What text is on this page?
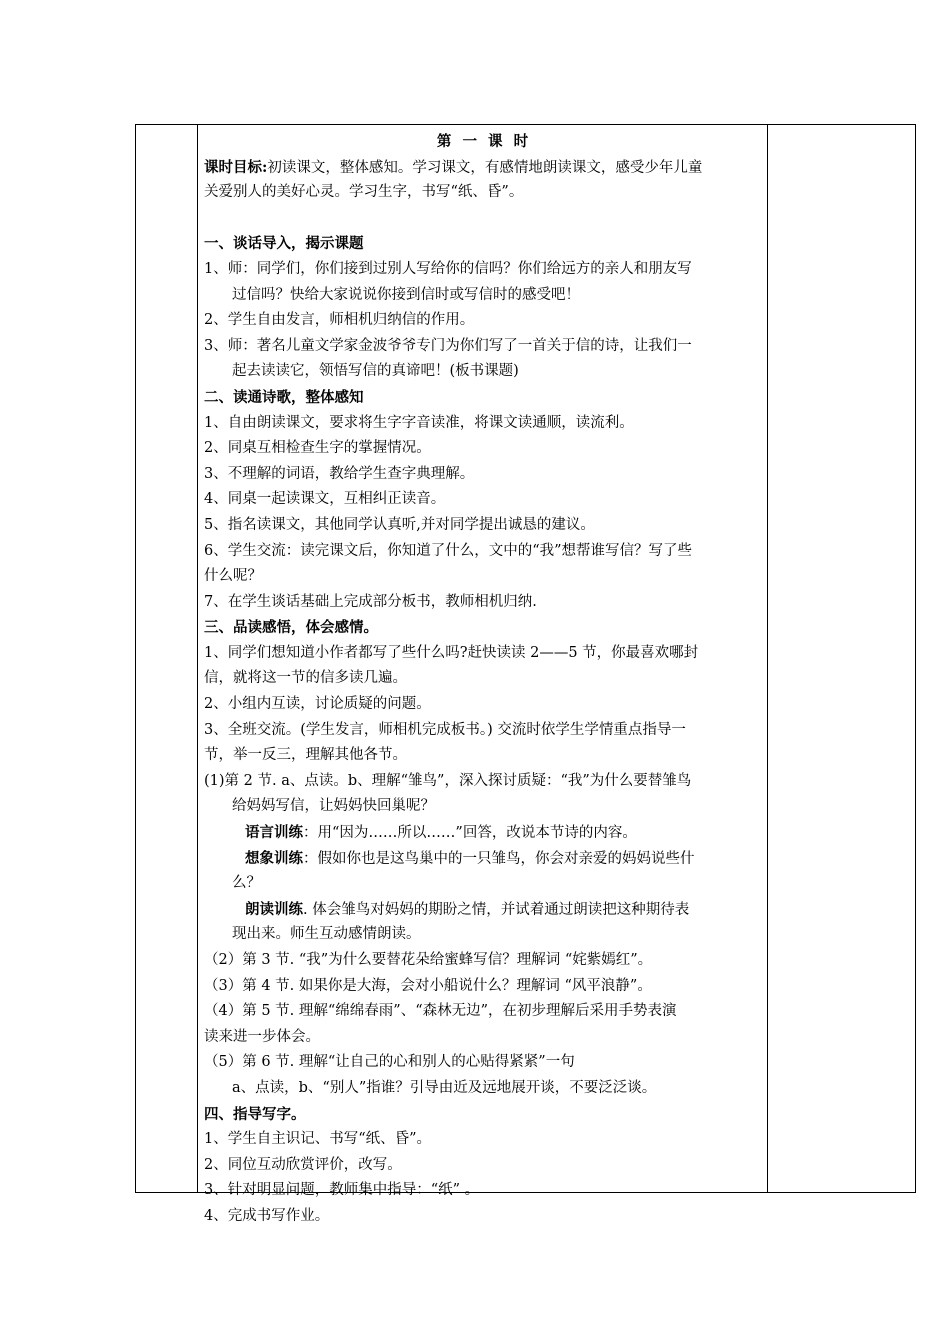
第 一 课 时
课时目标:初读课文，整体感知。学习课文，有感情地朗读课文，感受少年儿童
关爱别人的美好心灵。学习生字，书写“纸、昏”。
一、谈话导入，揭示课题
1、师：同学们，你们接到过别人写给你的信吗？你们给远方的亲人和朋友写
过信吗？快给大家说说你接到信时或写信时的感受吧！
2、学生自由发言，师相机归纳信的作用。
3、师：著名儿童文学家金波爷爷专门为你们写了一首关于信的诗，让我们一
起去读读它，领悟写信的真谛吧！(板书课题)
二、读通诗歌，整体感知
1、自由朗读课文，要求将生字字音读准，将课文读通顺，读流利。
2、同桌互相检查生字的掌握情况。
3、不理解的词语，教给学生查字典理解。
4、同桌一起读课文，互相纠正读音。
5、指名读课文，其他同学认真听,并对同学提出诚恳的建议。
6、学生交流：读完课文后，你知道了什么，文中的“我”想帮谁写信？写了些
什么呢？
7、在学生谈话基础上完成部分板书，教师相机归纳.
三、品读感悟，体会感情。
1、同学们想知道小作者都写了些什么吗?赶快读读 2——5 节，你最喜欢哪封
信，就将这一节的信多读几遍。
2、小组内互读，讨论质疑的问题。
3、全班交流。(学生发言，师相机完成板书。) 交流时依学生学情重点指导一
节，举一反三，理解其他各节。
(1)第 2 节. a、点读。b、理解“雏鸟”，深入探讨质疑：“我”为什么要替雏鸟
给妈妈写信，让妈妈快回巢呢？
语言训练：用“因为……所以……”回答，改说本节诗的内容。
想象训练：假如你也是这鸟巢中的一只雏鸟，你会对亲爱的妈妈说些什
么？
朗读训练. 体会雏鸟对妈妈的期盼之情，并试着通过朗读把这种期待表
现出来。师生互动感情朗读。
（2）第 3 节. “我”为什么要替花朵给蜜蜂写信？理解词 “姹紫嫣红”。
（3）第 4 节. 如果你是大海，会对小船说什么？理解词 “风平浪静”。
（4）第 5 节. 理解“绵绵春雨”、“森林无边”，在初步理解后采用手势表演
读来进一步体会。
（5）第 6 节. 理解“让自己的心和别人的心贴得紧紧”一句
a、点读，b、“别人”指谁？引导由近及远地展开谈，不要泛泛谈。
四、指导写字。
1、学生自主识记、书写“纸、昏”。
2、同位互动欣赏评价，改写。
3、针对明显问题，教师集中指导：“纸” 。
4、完成书写作业。
